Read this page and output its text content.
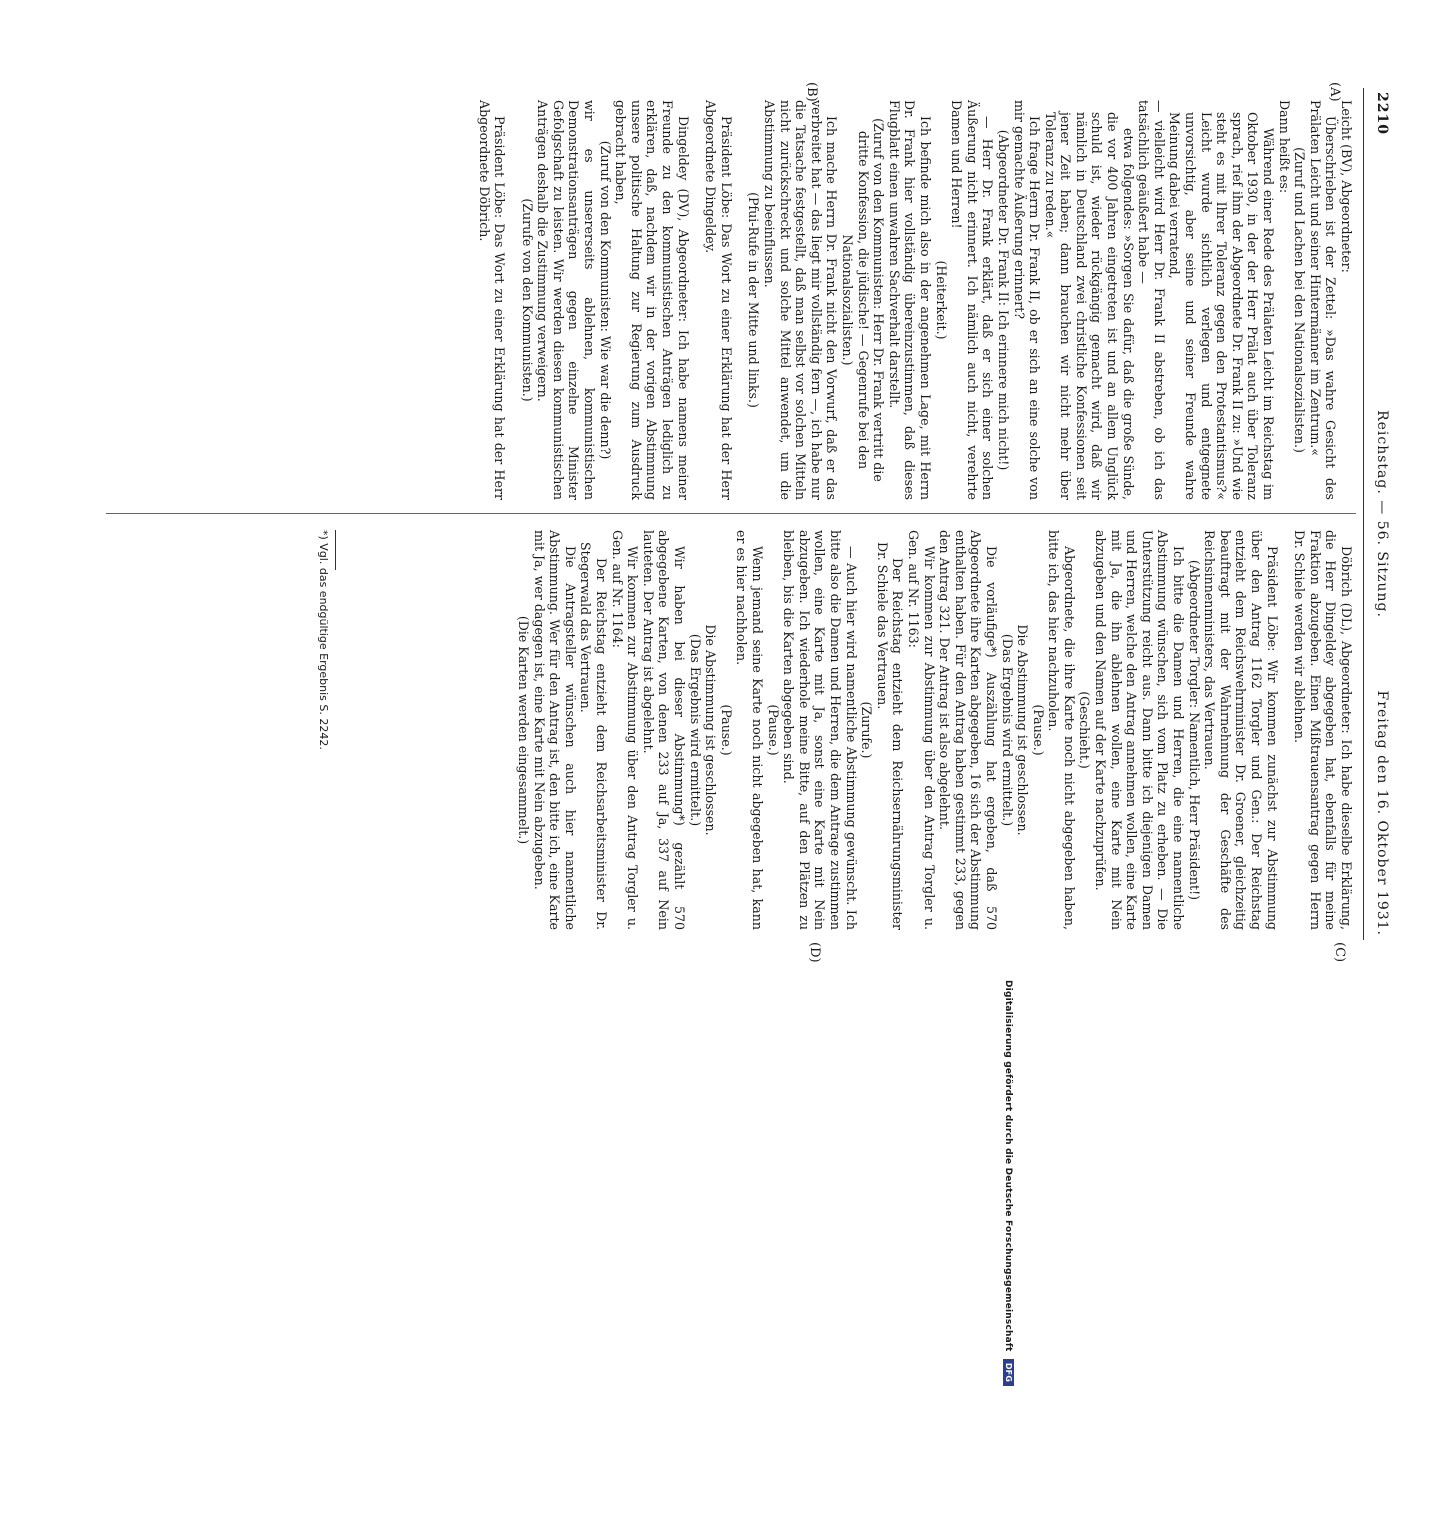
2210
Reichstag. — 56. Sitzung.
Freitag den 16. Oktober 1931.
(A)
(B)
(C)
(D)

Leicht (BV), Abgeordneter:

Überschrieben ist der Zettel: »Das wahre Gesicht des Prälaten Leicht und seiner Hintermänner im Zentrum.«

(Zuruf und Lachen bei den Nationalsozialisten.)

Dann heißt es:

Während einer Rede des Prälaten Leicht im Reichstag im Oktober 1930, in der der Herr Prälat auch über Toleranz sprach, rief ihm der Abgeordnete Dr. Frank II zu: »Und wie steht es mit Ihrer Toleranz gegen den Protestantismus?« Leicht wurde sichtlich verlegen und entgegnete unvorsichtig, aber seine und seiner Freunde wahre Meinung dabei verratend,

— vielleicht wird Herr Dr. Frank II abstreben, ob ich das tatsächlich geäußert habe —

etwa folgendes: »Sorgen Sie dafür, daß die große Sünde, die vor 400 Jahren eingetreten ist und an allem Unglück schuld ist, wieder rückgängig gemacht wird, daß wir nämlich in Deutschland zwei christliche Konfessionen seit jener Zeit haben; dann brauchen wir nicht mehr über Toleranz zu reden.«

Ich frage Herrn Dr. Frank II, ob er sich an eine solche von mir gemachte Äußerung erinnert?

(Abgeordneter Dr. Frank II: Ich erinnere mich nicht!)

— Herr Dr. Frank erklärt, daß er sich einer solchen Äußerung nicht erinnert. Ich nämlich auch nicht, verehrte Damen und Herren!

(Heiterkeit.)

Ich befinde mich also in der angenehmen Lage, mit Herrn Dr. Frank hier vollständig übereinzustimmen, daß dieses Flugblatt einen unwahren Sachverhalt darstellt.

(Zuruf von den Kommunisten: Herr Dr. Frank vertritt die dritte Konfession, die jüdische! — Gegenrufe bei den Nationalsozialisten.)

Ich mache Herrn Dr. Frank nicht den Vorwurf, daß er das verbreitet hat — das liegt mir vollständig fern —, ich habe nur die Tatsache festgestellt, daß man selbst vor solchen Mitteln nicht zurückschreckt und solche Mittel anwendet, um die Abstimmung zu beeinflussen.

(Pfui-Rufe in der Mitte und links.)

Präsident Löbe: Das Wort zu einer Erklärung hat der Herr Abgeordnete Dingeldey.

Dingeldey (DV), Abgeordneter: Ich habe namens meiner Freunde zu den kommunistischen Anträgen lediglich zu erklären, daß, nachdem wir in der vorigen Abstimmung unsere politische Haltung zur Regierung zum Ausdruck gebracht haben,

(Zuruf von den Kommunisten: Wie war die denn?)

wir es unsererseits ablehnen, kommunistischen Demonstrationsanträgen gegen einzelne Minister Gefolgschaft zu leisten. Wir werden diesen kommunistischen Anträgen deshalb die Zustimmung verweigern.

(Zurufe von den Kommunisten.)

Präsident Löbe: Das Wort zu einer Erklärung hat der Herr Abgeordnete Döbrich.

Döbrich (DL), Abgeordneter: Ich habe dieselbe Erklärung, die Herr Dingeldey abgegeben hat, ebenfalls für meine Fraktion abzugeben. Einen Mißtrauensantrag gegen Herrn Dr. Schiele werden wir ablehnen.

Präsident Löbe: Wir kommen zunächst zur Abstimmung über den Antrag 1162 Torgler und Gen.: Der Reichstag entzieht dem Reichswehrminister Dr. Groener, gleichzeitig beauftragt mit der Wahrnehmung der Geschäfte des Reichsinnenministers, das Vertrauen.

(Abgeordneter Torgler: Namentlich, Herr Präsident!)

Ich bitte die Damen und Herren, die eine namentliche Abstimmung wünschen, sich vom Platz zu erheben. — Die Unterstützung reicht aus. Dann bitte ich diejenigen Damen und Herren, welche den Antrag annehmen wollen, eine Karte mit Ja, die ihn ablehnen wollen, eine Karte mit Nein abzugeben und den Namen auf der Karte nachzuprüfen.

(Geschieht.)

Abgeordnete, die ihre Karte noch nicht abgegeben haben, bitte ich, das hier nachzuholen.

(Pause.)

Die Abstimmung ist geschlossen.

(Das Ergebnis wird ermittelt.)

Die vorläufige*) Auszählung hat ergeben, daß 570 Abgeordnete ihre Karten abgegeben, 16 sich der Abstimmung enthalten haben. Für den Antrag haben gestimmt 233, gegen den Antrag 321. Der Antrag ist also abgelehnt.

Wir kommen zur Abstimmung über den Antrag Torgler u. Gen. auf Nr. 1163:

Der Reichstag entzieht dem Reichsernährungsminister Dr. Schiele das Vertrauen.

(Zurufe.)

— Auch hier wird namentliche Abstimmung gewünscht. Ich bitte also die Damen und Herren, die dem Antrage zustimmen wollen, eine Karte mit Ja, sonst eine Karte mit Nein abzugeben. Ich wiederhole meine Bitte, auf den Plätzen zu bleiben, bis die Karten abgegeben sind.

(Pause.)

Wenn jemand seine Karte noch nicht abgegeben hat, kann er es hier nachholen.

(Pause.)

Die Abstimmung ist geschlossen.

(Das Ergebnis wird ermittelt.)

Wir haben bei dieser Abstimmung*) gezählt 570 abgegebene Karten, von denen 233 auf Ja, 337 auf Nein lauteten. Der Antrag ist abgelehnt.

Wir kommen zur Abstimmung über den Antrag Torgler u. Gen. auf Nr. 1164:

Der Reichstag entzieht dem Reichsarbeitsminister Dr. Stegerwald das Vertrauen.

Die Antragsteller wünschen auch hier namentliche Abstimmung. Wer für den Antrag ist, den bitte ich, eine Karte mit Ja, wer dagegen ist, eine Karte mit Nein abzugeben.

(Die Karten werden eingesammelt.)

*) Vgl. das endgültige Ergebnis S. 2242.
Digitalisierung gefördert durch die Deutsche Forschungsgemeinschaft DFG
